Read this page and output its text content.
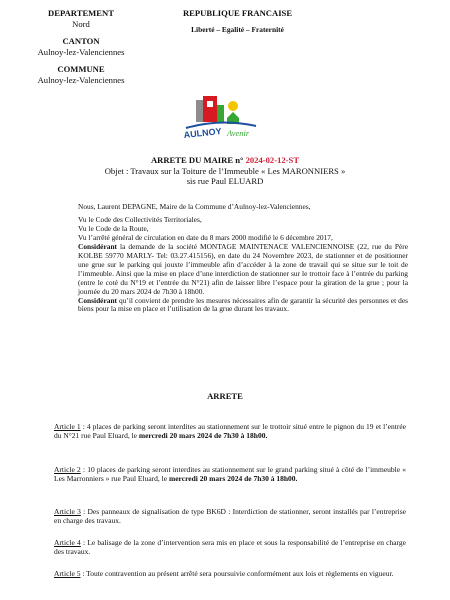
DEPARTEMENT
Nord
CANTON
Aulnoy-lez-Valenciennes
COMMUNE
Aulnoy-lez-Valenciennes
REPUBLIQUE FRANCAISE
Liberté – Egalité – Fraternité
AULNOY Avenir
ARRETE DU MAIRE n° 2024-02-12-ST
Objet : Travaux sur la Toiture de l’Immeuble « Les MARONNIERS »
sis rue Paul ELUARD

Nous, Laurent DEPAGNE, Maire de la Commune d’Aulnoy-lez-Valenciennes,

Vu le Code des Collectivités Territoriales,

Vu le Code de la Route,

Vu l’arrêté général de circulation en date du 8 mars 2000 modifié le 6 décembre 2017,

Considérant la demande de la société MONTAGE MAINTENACE VALENCIENNOISE (22, rue du Père KOLBE 59770 MARLY- Tel: 03.27.415156), en date du 24 Novembre 2023, de stationner et de positionner une grue sur le parking qui jouxte l’immeuble afin d’accéder à la zone de travail qui se situe sur le toit de l’immeuble. Ainsi que la mise en place d’une interdiction de stationner sur le trottoir face à l’entrée du parking (entre le coté du N°19 et l’entrée du N°21) afin de laisser libre l’espace pour la giration de la grue ; pour la journée du 20 mars 2024 de 7h30 à 18h00.

Considérant qu’il convient de prendre les mesures nécessaires afin de garantir la sécurité des personnes et des biens pour la mise en place et l’utilisation de la grue durant les travaux.

ARRETE
Article 1 : 4 places de parking seront interdites au stationnement sur le trottoir situé entre le pignon du 19 et l’entrée du N°21 rue Paul Eluard, le mercredi 20 mars 2024 de 7h30 à 18h00.
Article 2 : 10 places de parking seront interdites au stationnement sur le grand parking situé à côté de l’immeuble « Les Marronniers » rue Paul Eluard, le mercredi 20 mars 2024 de 7h30 à 18h00.
Article 3 : Des panneaux de signalisation de type BK6D : Interdiction de stationner, seront installés par l’entreprise en charge des travaux.
Article 4 : Le balisage de la zone d’intervention sera mis en place et sous la responsabilité de l’entreprise en charge des travaux.
Article 5 : Toute contravention au présent arrêté sera poursuivie conformément aux lois et règlements en vigueur.
